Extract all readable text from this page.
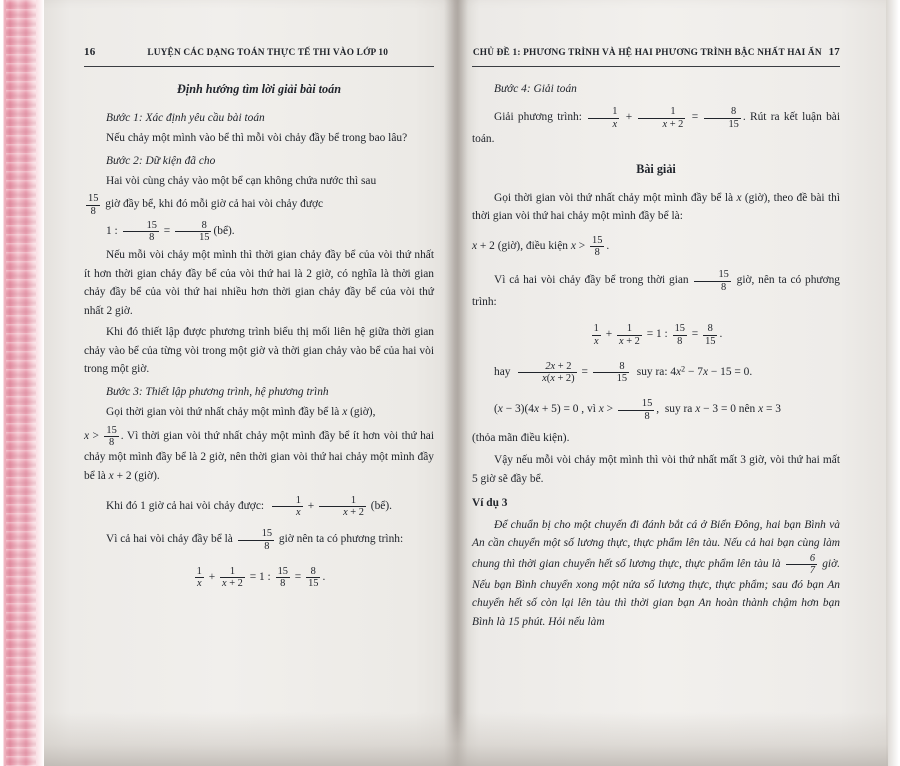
16	LUYỆN CÁC DẠNG TOÁN THỰC TẾ THI VÀO LỚP 10
Định hướng tìm lời giải bài toán

Bước 1: Xác định yêu cầu bài toán

Nếu chảy một mình vào bể thì mỗi vòi chảy đầy bể trong bao lâu?

Bước 2: Dữ kiện đã cho

Hai vòi cùng chảy vào một bể cạn không chứa nước thì sau

$\frac{15}{8}$ giờ đầy bể, khi đó mỗi giờ cả hai vòi chảy được

1 : $\frac{15}{8} = \frac{8}{15}$ (bể).

Nếu mỗi vòi chảy một mình thì thời gian chảy đầy bể của vòi thứ nhất ít hơn thời gian chảy đầy bể của vòi thứ hai là 2 giờ, có nghĩa là thời gian chảy đầy bể của vòi thứ hai nhiều hơn thời gian chảy đầy bể của vòi thứ nhất 2 giờ.

Khi đó thiết lập được phương trình biểu thị mối liên hệ giữa thời gian chảy vào bể của từng vòi trong một giờ và thời gian chảy vào bể của hai vòi trong một giờ.

Bước 3: Thiết lập phương trình, hệ phương trình

Gọi thời gian vòi thứ nhất chảy một mình đầy bể là x (giờ),

$x > \frac{15}{8}$ . Vì thời gian vòi thứ nhất chảy một mình đầy bể ít hơn vòi thứ hai chảy một mình đầy bể là 2 giờ, nên thời gian vòi thứ hai chảy một mình đầy bể là x + 2 (giờ).

Khi đó 1 giờ cả hai vòi chảy được: $\frac{1}{x} + \frac{1}{x + 2}$ (bể).

Vì cả hai vòi chảy đầy bể là $\frac{15}{8}$ giờ nên ta có phương trình:

$\frac{1}{x} + \frac{1}{x + 2} = 1$ : $\frac{15}{8} = \frac{8}{15}$ .
CHỦ ĐỀ 1: PHƯƠNG TRÌNH VÀ HỆ HAI PHƯƠNG TRÌNH BẬC NHẤT HAI ẨN 17

Bước 4: Giải toán

Giải phương trình: $\frac{1}{x} + \frac{1}{x + 2} = \frac{8}{15}$ . Rút ra kết luận bài toán.

Bài giải

Gọi thời gian vòi thứ nhất chảy một mình đầy bể là x (giờ), theo đề bài thì thời gian vòi thứ hai chảy một mình đầy bể là:

x + 2 (giờ), điều kiện $x > \frac{15}{8}$ .

Vì cả hai vòi chảy đầy bể trong thời gian $\frac{15}{8}$ giờ, nên ta có phương trình:

$\frac{1}{x} + \frac{1}{x + 2} = 1$ : $\frac{15}{8} = \frac{8}{15}$ .
hay $\frac{2x + 2}{x(x + 2)} = \frac{8}{15}$ suy ra: $4x^2 - 7x - 15 = 0$.
(x − 3)(4x + 5) = 0 , vì $x > \frac{15}{8}$ ,  suy ra x − 3 = 0 nên x = 3

(thỏa mãn điều kiện).

Vậy nếu mỗi vòi chảy một mình thì vòi thứ nhất mất 3 giờ, vòi thứ hai mất 5 giờ sẽ đầy bể.

Ví dụ 3

Để chuẩn bị cho một chuyến đi đánh bắt cá ở Biển Đông, hai bạn Bình và An cần chuyển một số lương thực, thực phẩm lên tàu. Nếu cả hai bạn cùng làm chung thì thời gian chuyển hết số lương thực, thực phẩm lên tàu là $\frac{6}{7}$ giờ. Nếu bạn Bình chuyển xong một nửa số lương thực, thực phẩm; sau đó bạn An chuyển hết số còn lại lên tàu thì thời gian bạn An hoàn thành chậm hơn bạn Bình là 15 phút. Hỏi nếu làm
